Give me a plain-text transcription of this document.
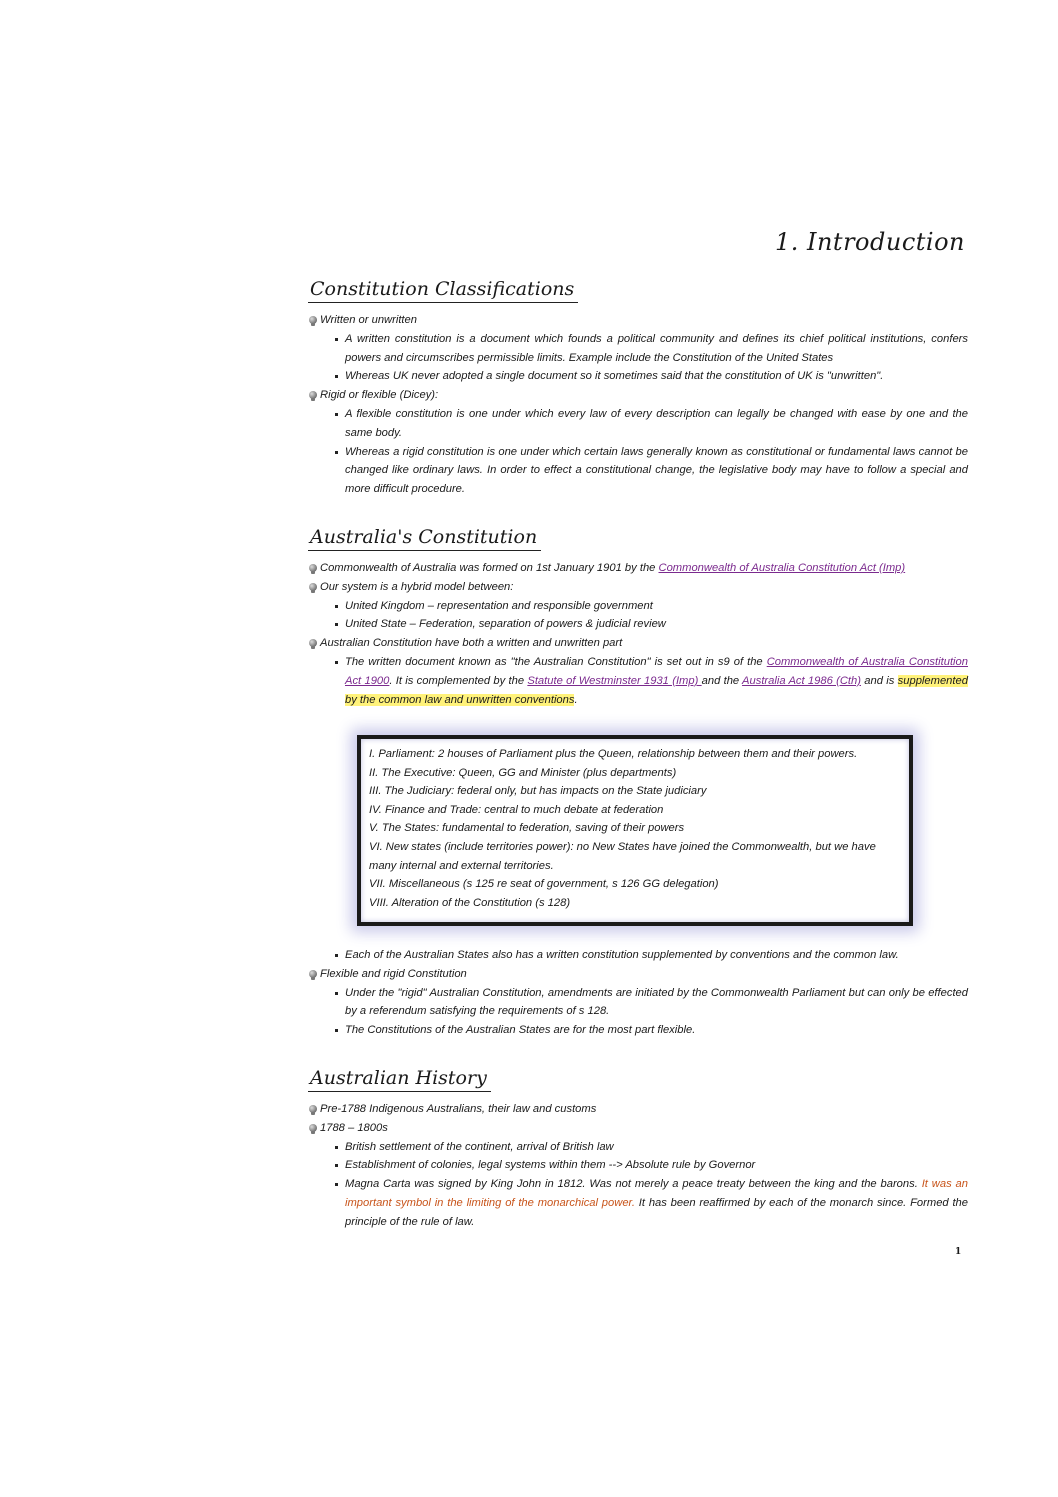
1. Introduction
Constitution Classifications
Written or unwritten
A written constitution is a document which founds a political community and defines its chief political institutions, confers powers and circumscribes permissible limits. Example include the Constitution of the United States
Whereas UK never adopted a single document so it sometimes said that the constitution of UK is "unwritten".
Rigid or flexible (Dicey):
A flexible constitution is one under which every law of every description can legally be changed with ease by one and the same body.
Whereas a rigid constitution is one under which certain laws generally known as constitutional or fundamental laws cannot be changed like ordinary laws. In order to effect a constitutional change, the legislative body may have to follow a special and more difficult procedure.
Australia's Constitution
Commonwealth of Australia was formed on 1st January 1901 by the Commonwealth of Australia Constitution Act (Imp)
Our system is a hybrid model between:
United Kingdom – representation and responsible government
United State – Federation, separation of powers & judicial review
Australian Constitution have both a written and unwritten part
The written document known as "the Australian Constitution" is set out in s9 of the Commonwealth of Australia Constitution Act 1900. It is complemented by the Statute of Westminster 1931 (Imp) and the Australia Act 1986 (Cth) and is supplemented by the common law and unwritten conventions.
I. Parliament: 2 houses of Parliament plus the Queen, relationship between them and their powers.
II. The Executive: Queen, GG and Minister (plus departments)
III. The Judiciary: federal only, but has impacts on the State judiciary
IV. Finance and Trade: central to much debate at federation
V. The States: fundamental to federation, saving of their powers
VI. New states (include territories power): no New States have joined the Commonwealth, but we have many internal and external territories.
VII. Miscellaneous (s 125 re seat of government, s 126 GG delegation)
VIII. Alteration of the Constitution (s 128)
Each of the Australian States also has a written constitution supplemented by conventions and the common law.
Flexible and rigid Constitution
Under the "rigid" Australian Constitution, amendments are initiated by the Commonwealth Parliament but can only be effected by a referendum satisfying the requirements of s 128.
The Constitutions of the Australian States are for the most part flexible.
Australian History
Pre-1788 Indigenous Australians, their law and customs
1788 – 1800s
British settlement of the continent, arrival of British law
Establishment of colonies, legal systems within them --> Absolute rule by Governor
Magna Carta was signed by King John in 1812. Was not merely a peace treaty between the king and the barons. It was an important symbol in the limiting of the monarchical power. It has been reaffirmed by each of the monarch since. Formed the principle of the rule of law.
1
